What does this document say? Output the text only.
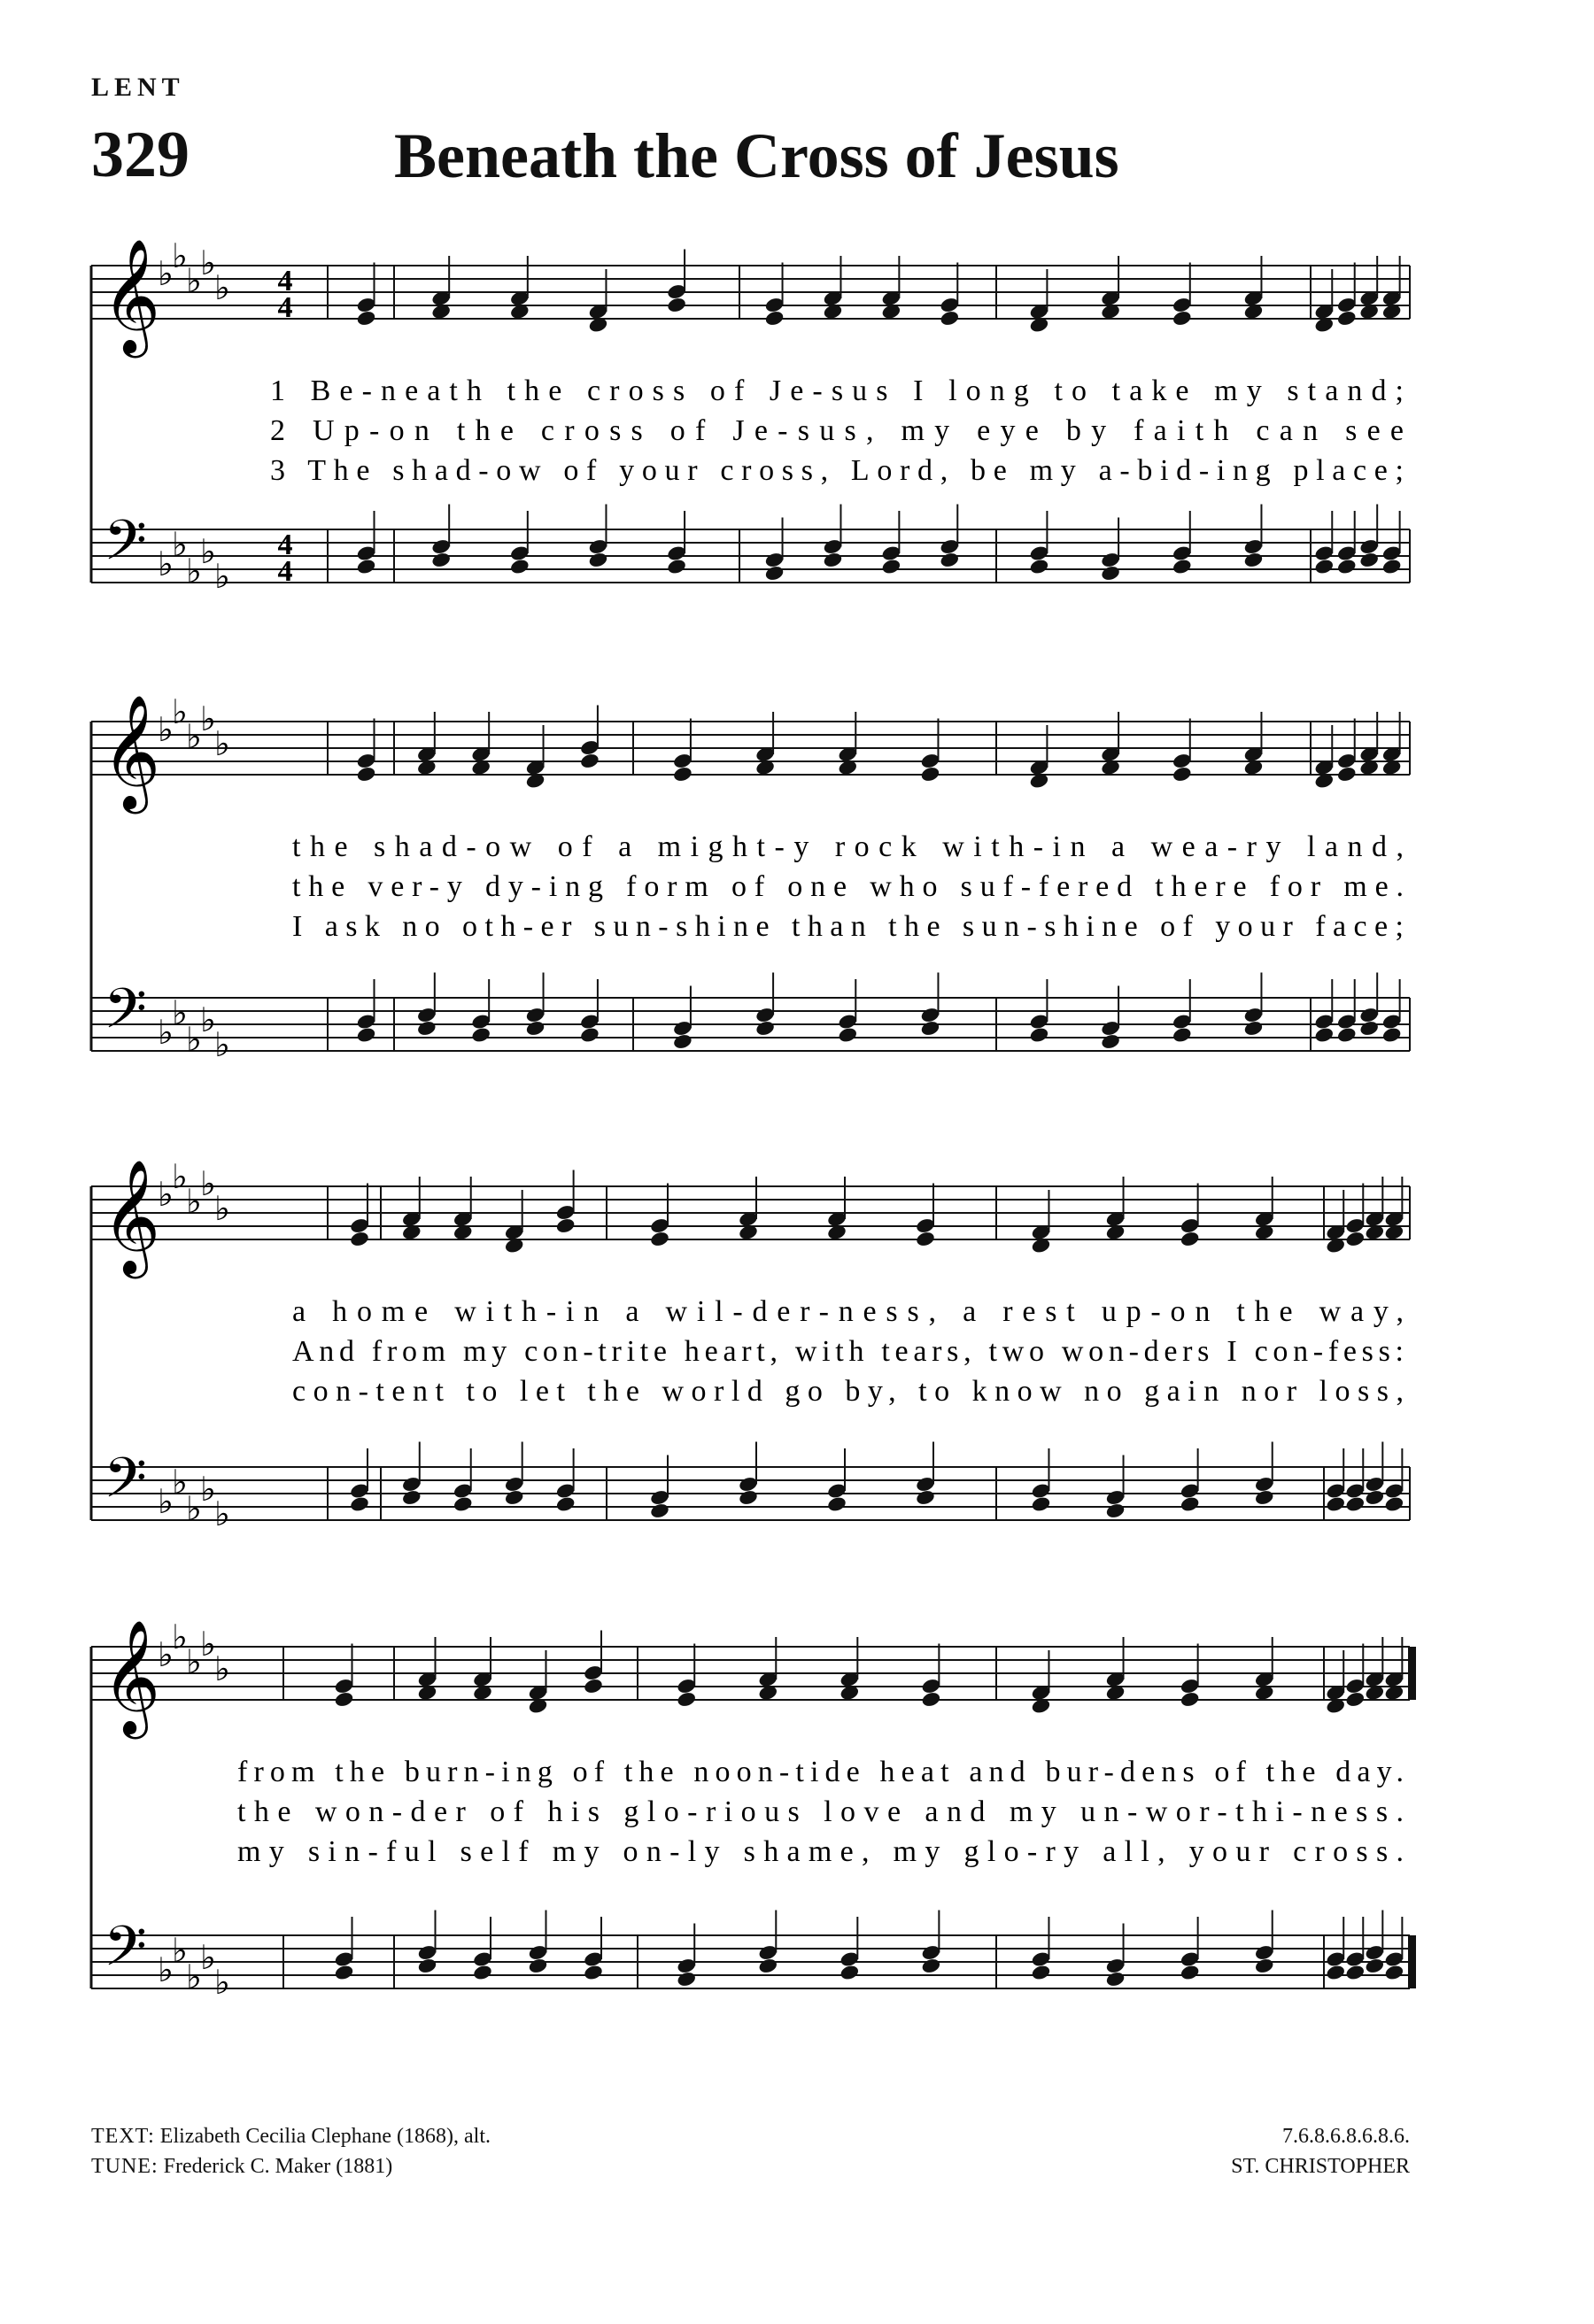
LENT
329	Beneath the Cross of Jesus
𝄞
𝄢
♭
♭
♭
♭
♭
♭
♭
♭
♭
♭
4
4
4
4
1 Be-neath the cross of Je-sus I long to take my stand;
2 Up-on the cross of Je-sus, my eye by faith can see
3 The shad-ow of your cross, Lord, be my a-bid-ing place;
𝄞
𝄢
♭
♭
♭
♭
♭
♭
♭
♭
♭
♭
the shad-ow of a might-y rock with-in a wea-ry land,
the ver-y dy-ing form of one who suf-fered there for me.
I ask no oth-er sun-shine than the sun-shine of your face;
𝄞
𝄢
♭
♭
♭
♭
♭
♭
♭
♭
♭
♭
a home with-in a wil-der-ness, a rest up-on the way,
And from my con-trite heart, with tears, two won-ders I con-fess:
con-tent to let the world go by, to know no gain nor loss,
𝄞
𝄢
♭
♭
♭
♭
♭
♭
♭
♭
♭
♭
from the burn-ing of the noon-tide heat and bur-dens of the day.
the won-der of his glo-rious love and my un-wor-thi-ness.
my sin-ful self my on-ly shame, my glo-ry all, your cross.
TEXT: Elizabeth Cecilia Clephane (1868), alt.
TUNE: Frederick C. Maker (1881)
7.6.8.6.8.6.8.6.
ST. CHRISTOPHER
